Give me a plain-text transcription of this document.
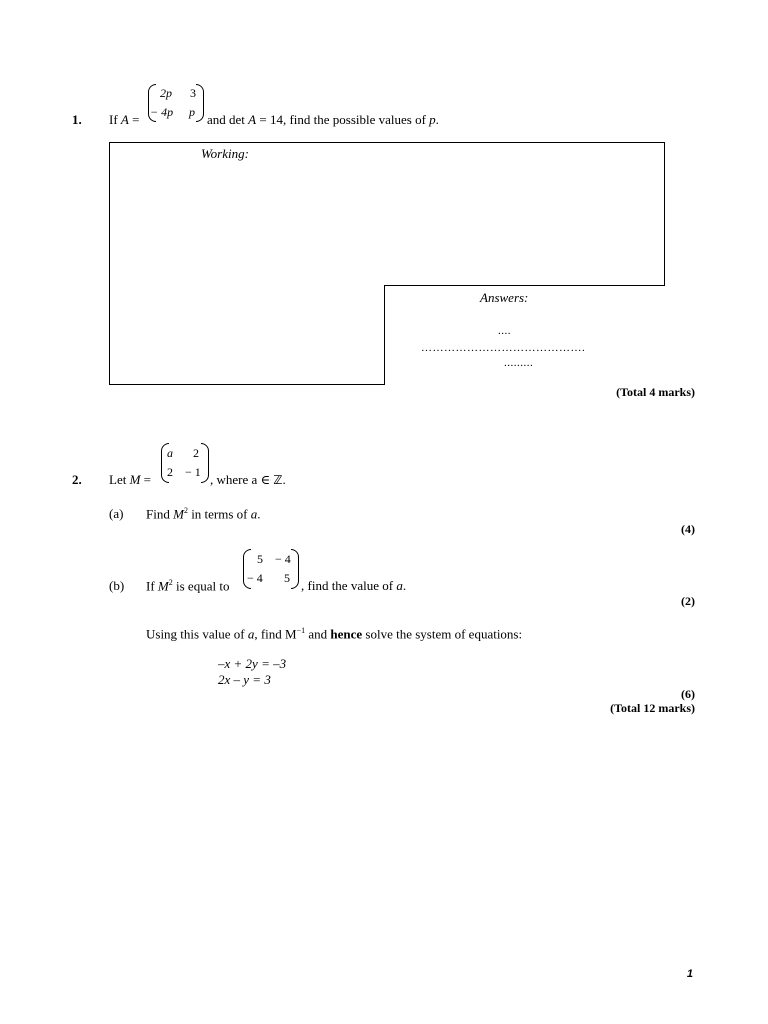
1. If A =
2p 3
− 4p p and det A = 14, find the possible values of p.
Working:
Answers:
....
…………………………………….
.........
(Total 4 marks)
2. Let M =
a 2
2 − 1 , where a ∈ ℤ.
(a) Find $M^2$ in terms of a.
(4)
(b) If $M^2$ is equal to
5 − 4
− 4 5 , find the value of a.
(2)
Using this value of a, find $M^{-1}$ and hence solve the system of equations:
–x + 2y = –3
2x – y = 3
(6)
(Total 12 marks)
1
